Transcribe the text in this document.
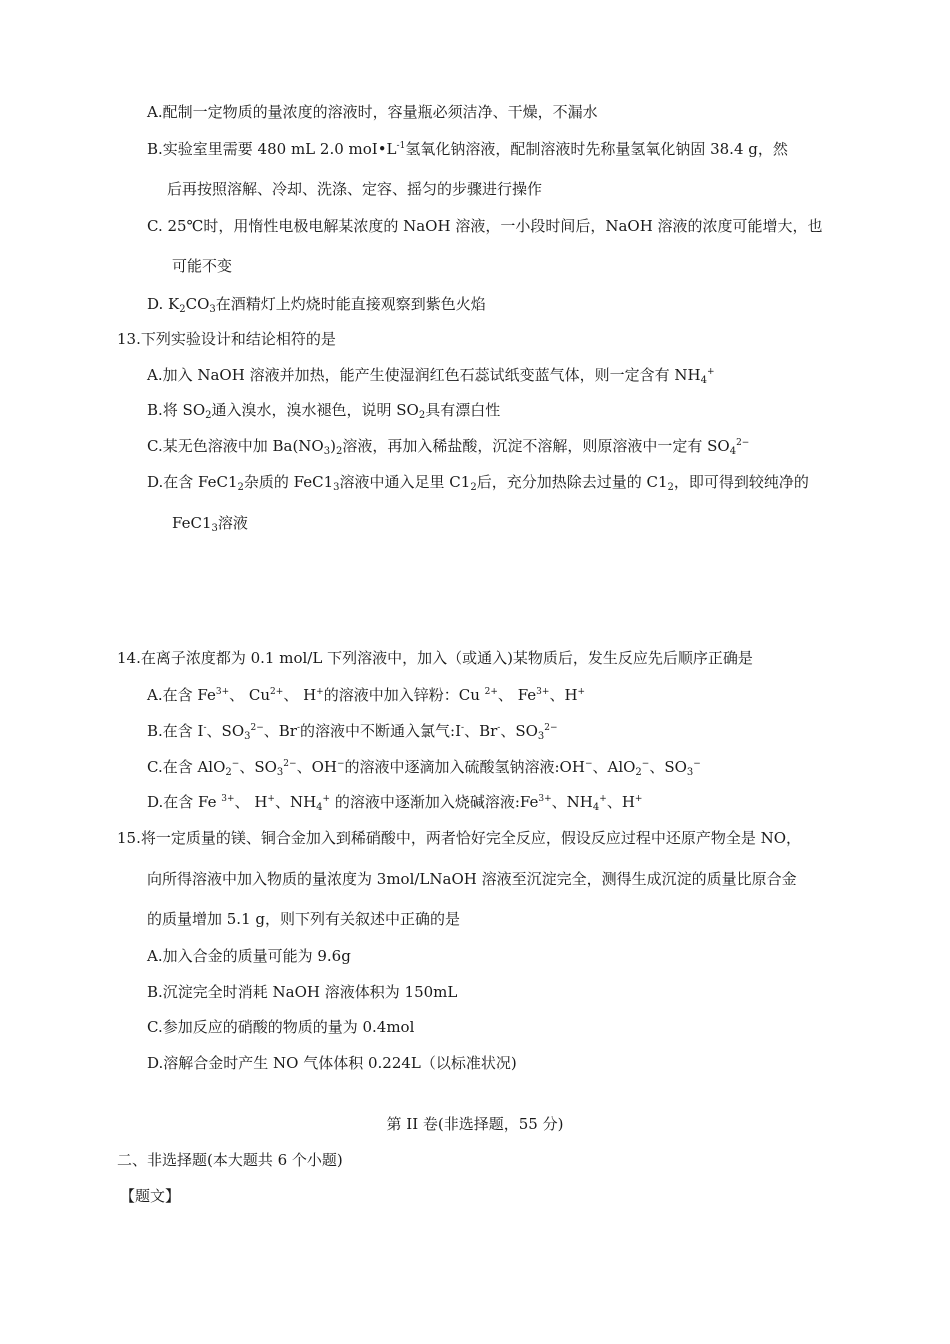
A.配制一定物质的量浓度的溶液时，容量瓶必须洁净、干燥，不漏水
B.实验室里需要 480 mL 2.0 $moI•L^{-1}$氢氧化钠溶液，配制溶液时先称量氢氧化钠固 38.4 g，然
后再按照溶解、冷却、洗涤、定容、摇匀的步骤进行操作
C. 25℃时，用惰性电极电解某浓度的 NaOH 溶液，一小段时间后，NaOH 溶液的浓度可能增大，也
可能不变
D. $K_2CO_3$在酒精灯上灼烧时能直接观察到紫色火焰
13.下列实验设计和结论相符的是
A.加入 NaOH 溶液并加热，能产生使湿润红色石蕊试纸变蓝气体，则一定含有 $NH_4^+$
B.将 $SO_2$通入溴水，溴水褪色，说明 $SO_2$具有漂白性
C.某无色溶液中加 $Ba(NO_3)_2$溶液，再加入稀盐酸，沉淀不溶解，则原溶液中一定有 $SO_4^{2-}$
D.在含 $FeC1_2$杂质的 $FeC1_3$溶液中通入足里 $C1_2$后，充分加热除去过量的 $C1_2$，即可得到较纯净的
$FeC1_3$溶液
14.在离子浓度都为 0.1 mol/L 下列溶液中，加入（或通入)某物质后，发生反应先后顺序正确是
A.在含 $Fe^{3+}$、 $Cu^{2+}$、 H+的溶液中加入锌粉：Cu $^{2+}$、 $Fe^{3+}$、H+
B.在含 I-、$SO_3^{2-}$、Br-的溶液中不断通入氯气:I-、Br-、$SO_3^{2-}$
C.在含 AlO$_2$−、$SO_3^{2-}$、OH−的溶液中逐滴加入硫酸氢钠溶液:OH−、AlO$_2$−、$SO_3^-$
D.在含 Fe $^{3+}$、 H+、$NH_4^+$ 的溶液中逐渐加入烧碱溶液$:Fe^{3+}$、$NH_4^+$、H+
15.将一定质量的镁、铜合金加入到稀硝酸中，两者恰好完全反应，假设反应过程中还原产物全是 NO，
向所得溶液中加入物质的量浓度为 3mol/LNaOH 溶液至沉淀完全，测得生成沉淀的质量比原合金
的质量增加 5.1 g，则下列有关叙述中正确的是
A.加入合金的质量可能为 9.6g
B.沉淀完全时消耗 NaOH 溶液体积为 150mL
C.参加反应的硝酸的物质的量为 0.4mol
D.溶解合金时产生 NO 气体体积 0.224L（以标准状况)
第 II 卷(非选择题，55 分)
二、非选择题(本大题共 6 个小题)
【题文】
